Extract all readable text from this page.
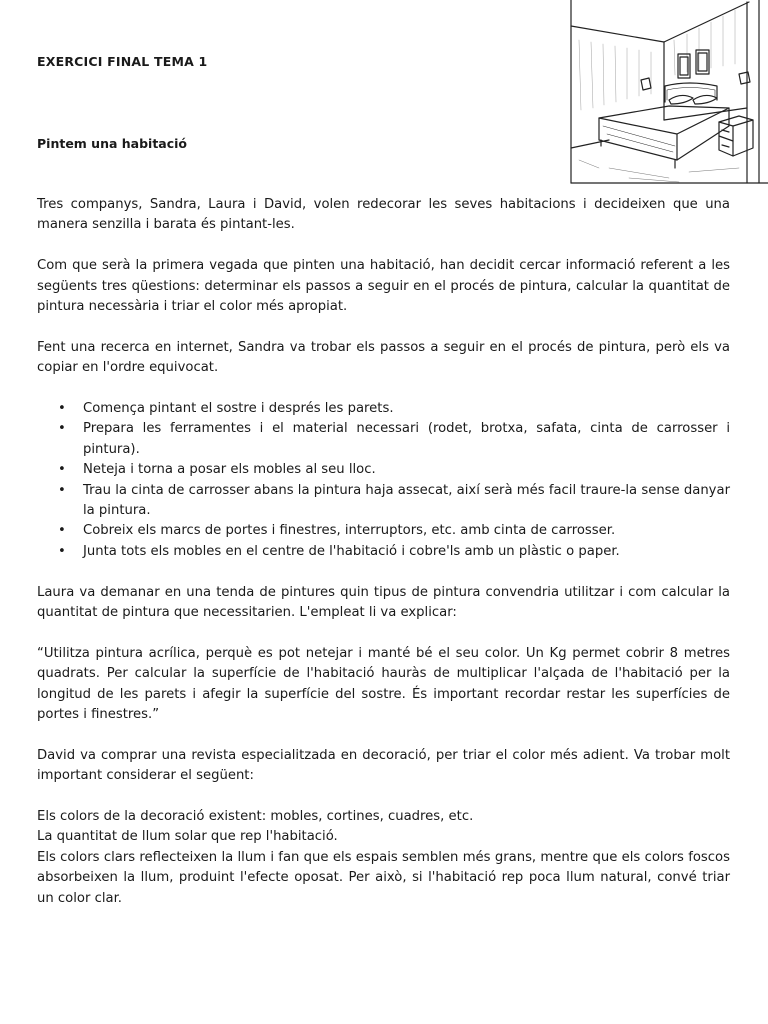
EXERCICI FINAL TEMA 1
Pintem una habitació

Tres companys, Sandra, Laura i David, volen redecorar les seves habitacions i decideixen que una manera senzilla i barata és pintant-les.

Com que serà la primera vegada que pinten una habitació, han decidit cercar informació referent a les següents tres qüestions: determinar els passos a seguir en el procés de pintura, calcular la quantitat de pintura necessària i triar el color més apropiat.

Fent una recerca en internet, Sandra va trobar els passos a seguir en el procés de pintura, però els va copiar en l'ordre equivocat.

• Comença pintant el sostre i després les parets.
• Prepara les ferramentes i el material necessari (rodet, brotxa, safata, cinta de carrosser i pintura).
• Neteja i torna a posar els mobles al seu lloc.
• Trau la cinta de carrosser abans la pintura haja assecat, així serà més facil traure-la sense danyar la pintura.
• Cobreix els marcs de portes i finestres, interruptors, etc. amb cinta de carrosser.
• Junta tots els mobles en el centre de l'habitació i cobre'ls amb un plàstic o paper.

Laura va demanar en una tenda de pintures quin tipus de pintura convendria utilitzar i com calcular la quantitat de pintura que necessitarien. L'empleat li va explicar:

“Utilitza pintura acrílica, perquè es pot netejar i manté bé el seu color. Un Kg permet cobrir 8 metres quadrats. Per calcular la superfície de l'habitació hauràs de multiplicar l'alçada de l'habitació per la longitud de les parets i afegir la superfície del sostre. És important recordar restar les superfícies de portes i finestres.”

David va comprar una revista especialitzada en decoració, per triar el color més adient. Va trobar molt important considerar el següent:

Els colors de la decoració existent: mobles, cortines, cuadres, etc.

La quantitat de llum solar que rep l'habitació.

Els colors clars reflecteixen la llum i fan que els espais semblen més grans, mentre que els colors foscos absorbeixen la llum, produint l'efecte oposat. Per això, si l'habitació rep poca llum natural, convé triar un color clar.
